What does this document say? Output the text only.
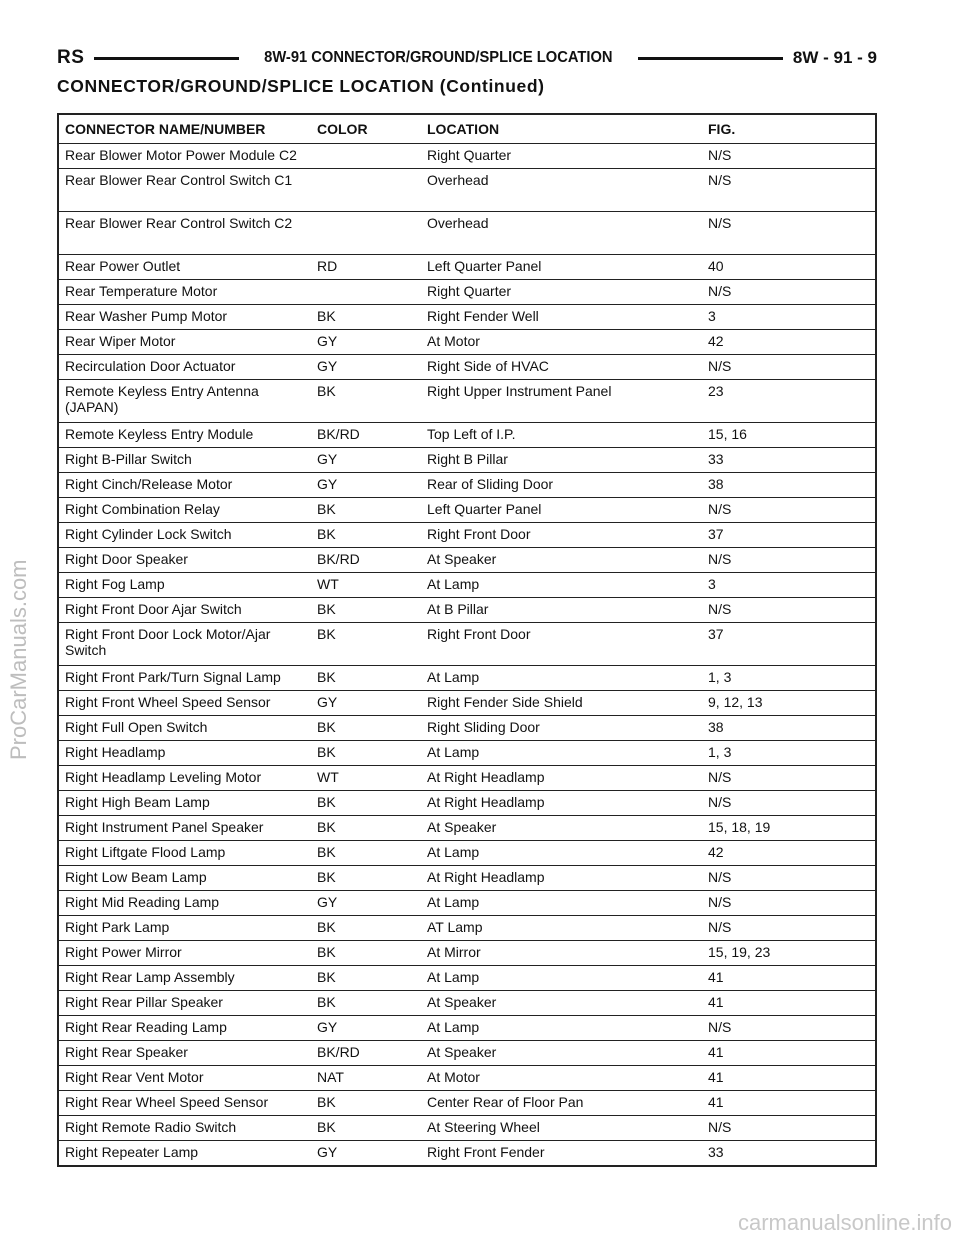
RS	8W-91 CONNECTOR/GROUND/SPLICE LOCATION	8W - 91 - 9
CONNECTOR/GROUND/SPLICE LOCATION (Continued)
CONNECTOR NAME/NUMBER	COLOR	LOCATION	FIG.
Rear Blower Motor Power Module C2		Right Quarter	N/S
Rear Blower Rear Control Switch C1		Overhead	N/S
Rear Blower Rear Control Switch C2		Overhead	N/S
Rear Power Outlet	RD	Left Quarter Panel	40
Rear Temperature Motor		Right Quarter	N/S
Rear Washer Pump Motor	BK	Right Fender Well	3
Rear Wiper Motor	GY	At Motor	42
Recirculation Door Actuator	GY	Right Side of HVAC	N/S
Remote Keyless Entry Antenna (JAPAN)	BK	Right Upper Instrument Panel	23
Remote Keyless Entry Module	BK/RD	Top Left of I.P.	15, 16
Right B-Pillar Switch	GY	Right B Pillar	33
Right Cinch/Release Motor	GY	Rear of Sliding Door	38
Right Combination Relay	BK	Left Quarter Panel	N/S
Right Cylinder Lock Switch	BK	Right Front Door	37
Right Door Speaker	BK/RD	At Speaker	N/S
Right Fog Lamp	WT	At Lamp	3
Right Front Door Ajar Switch	BK	At B Pillar	N/S
Right Front Door Lock Motor/Ajar Switch	BK	Right Front Door	37
Right Front Park/Turn Signal Lamp	BK	At Lamp	1, 3
Right Front Wheel Speed Sensor	GY	Right Fender Side Shield	9, 12, 13
Right Full Open Switch	BK	Right Sliding Door	38
Right Headlamp	BK	At Lamp	1, 3
Right Headlamp Leveling Motor	WT	At Right Headlamp	N/S
Right High Beam Lamp	BK	At Right Headlamp	N/S
Right Instrument Panel Speaker	BK	At Speaker	15, 18, 19
Right Liftgate Flood Lamp	BK	At Lamp	42
Right Low Beam Lamp	BK	At Right Headlamp	N/S
Right Mid Reading Lamp	GY	At Lamp	N/S
Right Park Lamp	BK	AT Lamp	N/S
Right Power Mirror	BK	At Mirror	15, 19, 23
Right Rear Lamp Assembly	BK	At Lamp	41
Right Rear Pillar Speaker	BK	At Speaker	41
Right Rear Reading Lamp	GY	At Lamp	N/S
Right Rear Speaker	BK/RD	At Speaker	41
Right Rear Vent Motor	NAT	At Motor	41
Right Rear Wheel Speed Sensor	BK	Center Rear of Floor Pan	41
Right Remote Radio Switch	BK	At Steering Wheel	N/S
Right Repeater Lamp	GY	Right Front Fender	33
ProCarManuals.com
carmanualsonline.info
